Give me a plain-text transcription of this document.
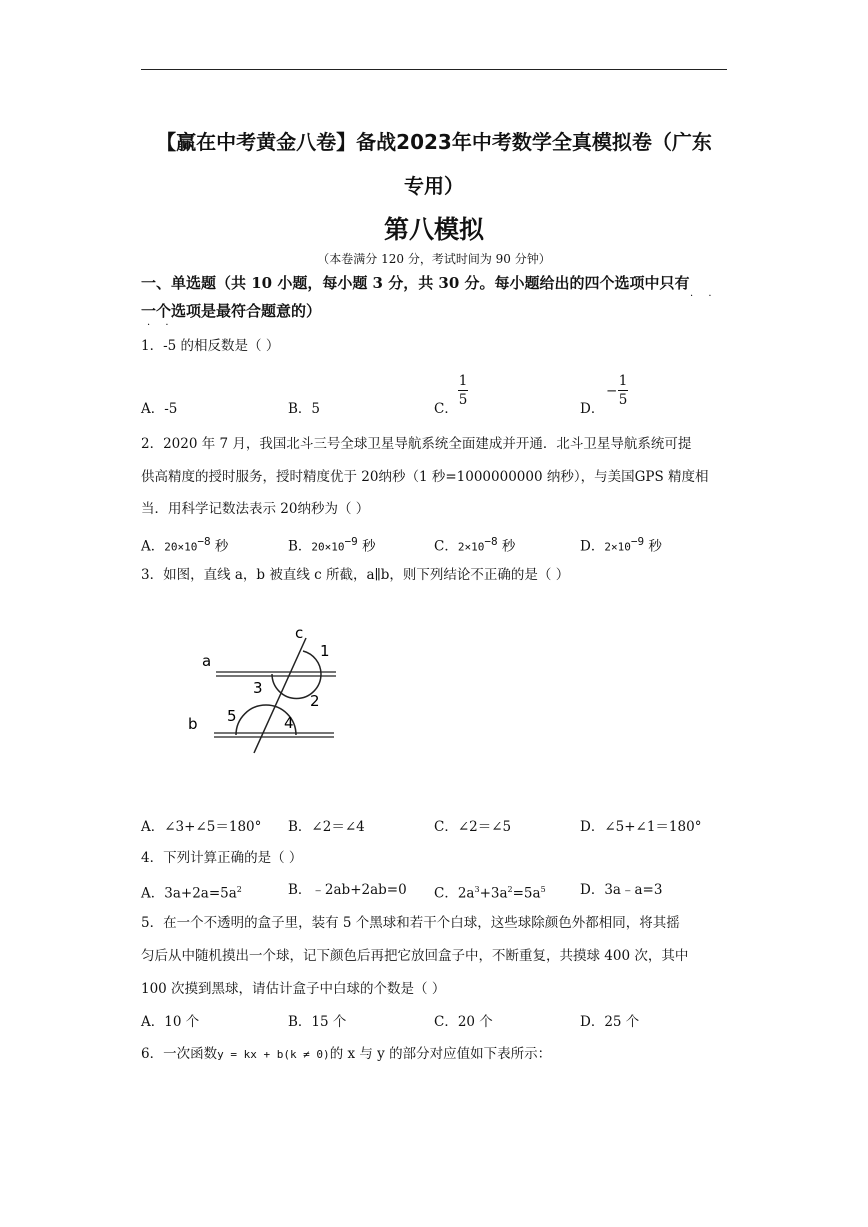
【赢在中考黄金八卷】备战2023年中考数学全真模拟卷（广东
专用）
第八模拟
（本卷满分 120 分，考试时间为 90 分钟）
一、单选题（共 10 小题，每小题 3 分，共 30 分。每小题给出的四个选项中只有
· ·
一个选项是最符合题意的）
· ·
1．-5 的相反数是（ ）
A．-5	B．5	C．
1
5
D．
−
1
5
2．2020 年 7 月，我国北斗三号全球卫星导航系统全面建成并开通．北斗卫星导航系统可提
供高精度的授时服务，授时精度优于 20纳秒（1 秒=1000000000 纳秒），与美国GPS 精度相
当．用科学记数法表示 20纳秒为（ ）
A．$20\times 10^{-8}$ 秒	B．$20\times 10^{-9}$ 秒	C．$2\times 10^{-8}$ 秒	D．$2\times 10^{-9}$ 秒
3．如图，直线 a，b 被直线 c 所截，a∥b，则下列结论不正确的是（ ）
a
b
c
1
2
3
4
5
A．∠3+∠5＝180° B．∠2＝∠4	C．∠2＝∠5	D．∠5+∠1＝180°
4．下列计算正确的是（ ）
A．$3a+2a=5a^2$	B．﹣2ab+2ab=0 C．$2a^3+3a^2=5a^5$	D．3a﹣a=3
5．在一个不透明的盒子里，装有 5 个黑球和若干个白球，这些球除颜色外都相同，将其摇
匀后从中随机摸出一个球，记下颜色后再把它放回盒子中，不断重复，共摸球 400 次，其中
100 次摸到黑球，请估计盒子中白球的个数是（ ）
A．10 个	B．15 个	C．20 个	D．25 个
6．一次函数y = kx + b(k ≠ 0)的 x 与 y 的部分对应值如下表所示：
